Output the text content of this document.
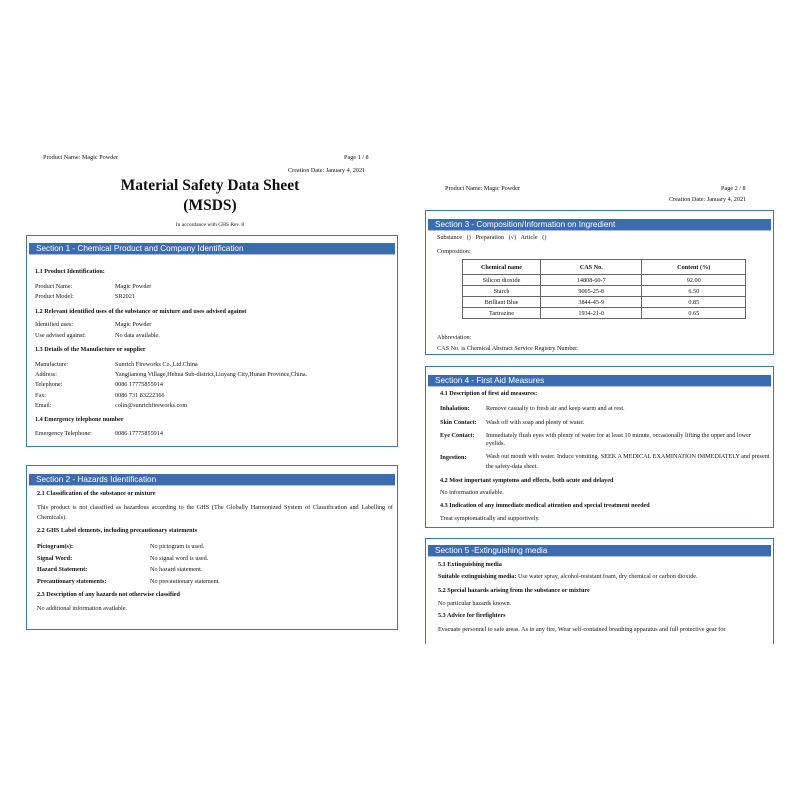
Product Name: Magic Powder	Page 1 / 8
Creation Date: January 4, 2021
Material Safety Data Sheet
(MSDS)
In accordance with GHS Rev. 8
Section 1 - Chemical Product and Company Identification
1.1 Product Identification:
Product Name:	Magic Powder
Product Model:	SR2021
1.2 Relevant identified uses of the substance or mixture and uses advised against
Identified uses:	Magic Powder
Use advised against:	No data available.
1.3 Details of the Manufacture or supplier
Manufacture:	Sunrich Fireworks Co.,Ltd.China
Address:	Yangjianong Village,Hehua Sub-district,Liuyang City,Hunan Province,China.
Telephone:	0086 17775855914
Fax:	0086 731 83222366
Email:	colin@sunrichfireworks.com
1.4 Emergency telephone number
Emergency Telephone:	0086 17775855914
Section 2 - Hazards Identification
2.1 Classification of the substance or mixture
This product is not classified as hazardous according to the GHS (The Globally Harmonized System of Classification and Labelling of Chemicals).
2.2 GHS Label elements, including precautionary statements
Pictogram(s):	No pictogram is used.
Signal Word:	No signal word is used.
Hazard Statement:	No hazard statement.
Precautionary statements:	No precautionary statement.
2.3 Description of any hazards not otherwise classified
No additional information available.
Product Name: Magic Powder	Page 2 / 8
Creation Date: January 4, 2021
Section 3 - Composition/Information on Ingredient
Substance   ()   Preparation   (√)   Article   ()
Composition:
Chemical name	CAS No.	Content (%)
Silicon dioxide	14808-60-7	92.00
Starch	9005-25-8	6.50
Brilliant Blue	3844-45-9	0.85
Tartrazine	1934-21-0	0.65
Abbreviation:
CAS No. is Chemical Abstract Service Registry Number.
Section 4 - First Aid Measures
4.1 Description of first aid measures:
Inhalation:	Remove casualty to fresh air and keep warm and at rest.
Skin Contact: Wash off with soap and plenty of water.
Eye Contact: Immediately flush eyes with plenty of water for at least 10 minute, occasionally lifting the upper and lower eyelids.
Ingestion:	Wash out mouth with water. Induce vomiting. SEEK A MEDICAL EXAMINATION IMMEDIATELY and present the safety-data sheet.
4.2 Most important symptoms and effects, both acute and delayed
No information available.
4.3 Indication of any immediate medical attention and special treatment needed
Treat symptomatically and supportively.
Section 5 -Extinguishing media
5.1 Extinguishing media
Suitable extinguishing media: Use water spray, alcohol-resistant foam, dry chemical or carbon dioxide.
5.2 Special hazards arising from the substance or mixture
No particular hazards known.
5.3 Advice for firefighters
Evacuate personnel to safe areas. As in any fire, Wear self-contained breathing apparatus and full protective gear for
